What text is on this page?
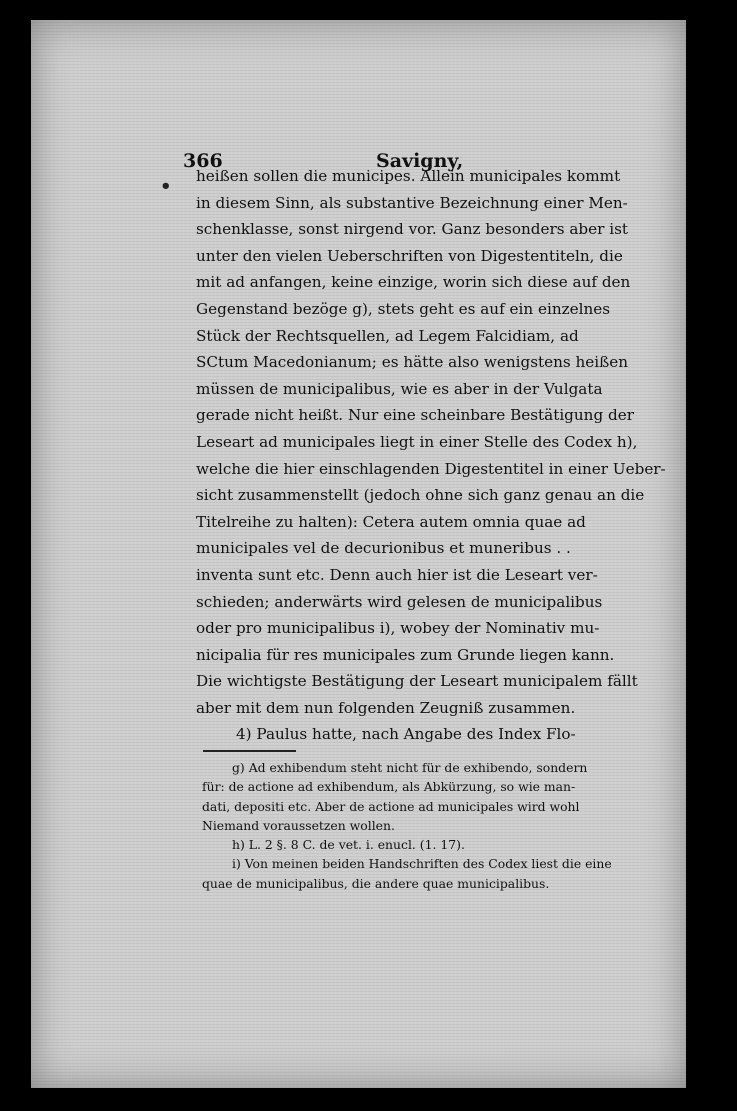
366	Savigny,
• heißen sollen die municipes. Allein municipales kommt
in diesem Sinn, als substantive Bezeichnung einer Men-
schenklasse, sonst nirgend vor. Ganz besonders aber ist
unter den vielen Ueberschriften von Digestentiteln, die
mit ad anfangen, keine einzige, worin sich diese auf den
Gegenstand bezöge g), stets geht es auf ein einzelnes
Stück der Rechtsquellen, ad Legem Falcidiam, ad
SCtum Macedonianum; es hätte also wenigstens heißen
müssen de municipalibus, wie es aber in der Vulgata
gerade nicht heißt. Nur eine scheinbare Bestätigung der
Leseart ad municipales liegt in einer Stelle des Codex h),
welche die hier einschlagenden Digestentitel in einer Ueber-
sicht zusammenstellt (jedoch ohne sich ganz genau an die
Titelreihe zu halten): Cetera autem omnia quae ad
municipales vel de decurionibus et muneribus . .
inventa sunt etc. Denn auch hier ist die Leseart ver-
schieden; anderwärts wird gelesen de municipalibus
oder pro municipalibus i), wobey der Nominativ mu-
nicipalia für res municipales zum Grunde liegen kann.
Die wichtigste Bestätigung der Leseart municipalem fällt
aber mit dem nun folgenden Zeugniß zusammen.
4) Paulus hatte, nach Angabe des Index Flo-
g) Ad exhibendum steht nicht für de exhibendo, sondern
für: de actione ad exhibendum, als Abkürzung, so wie man-
dati, depositi etc. Aber de actione ad municipales wird wohl
Niemand voraussetzen wollen.
h) L. 2 §. 8 C. de vet. i. enucl. (1. 17).
i) Von meinen beiden Handschriften des Codex liest die eine
quae de municipalibus, die andere quae municipalibus.
